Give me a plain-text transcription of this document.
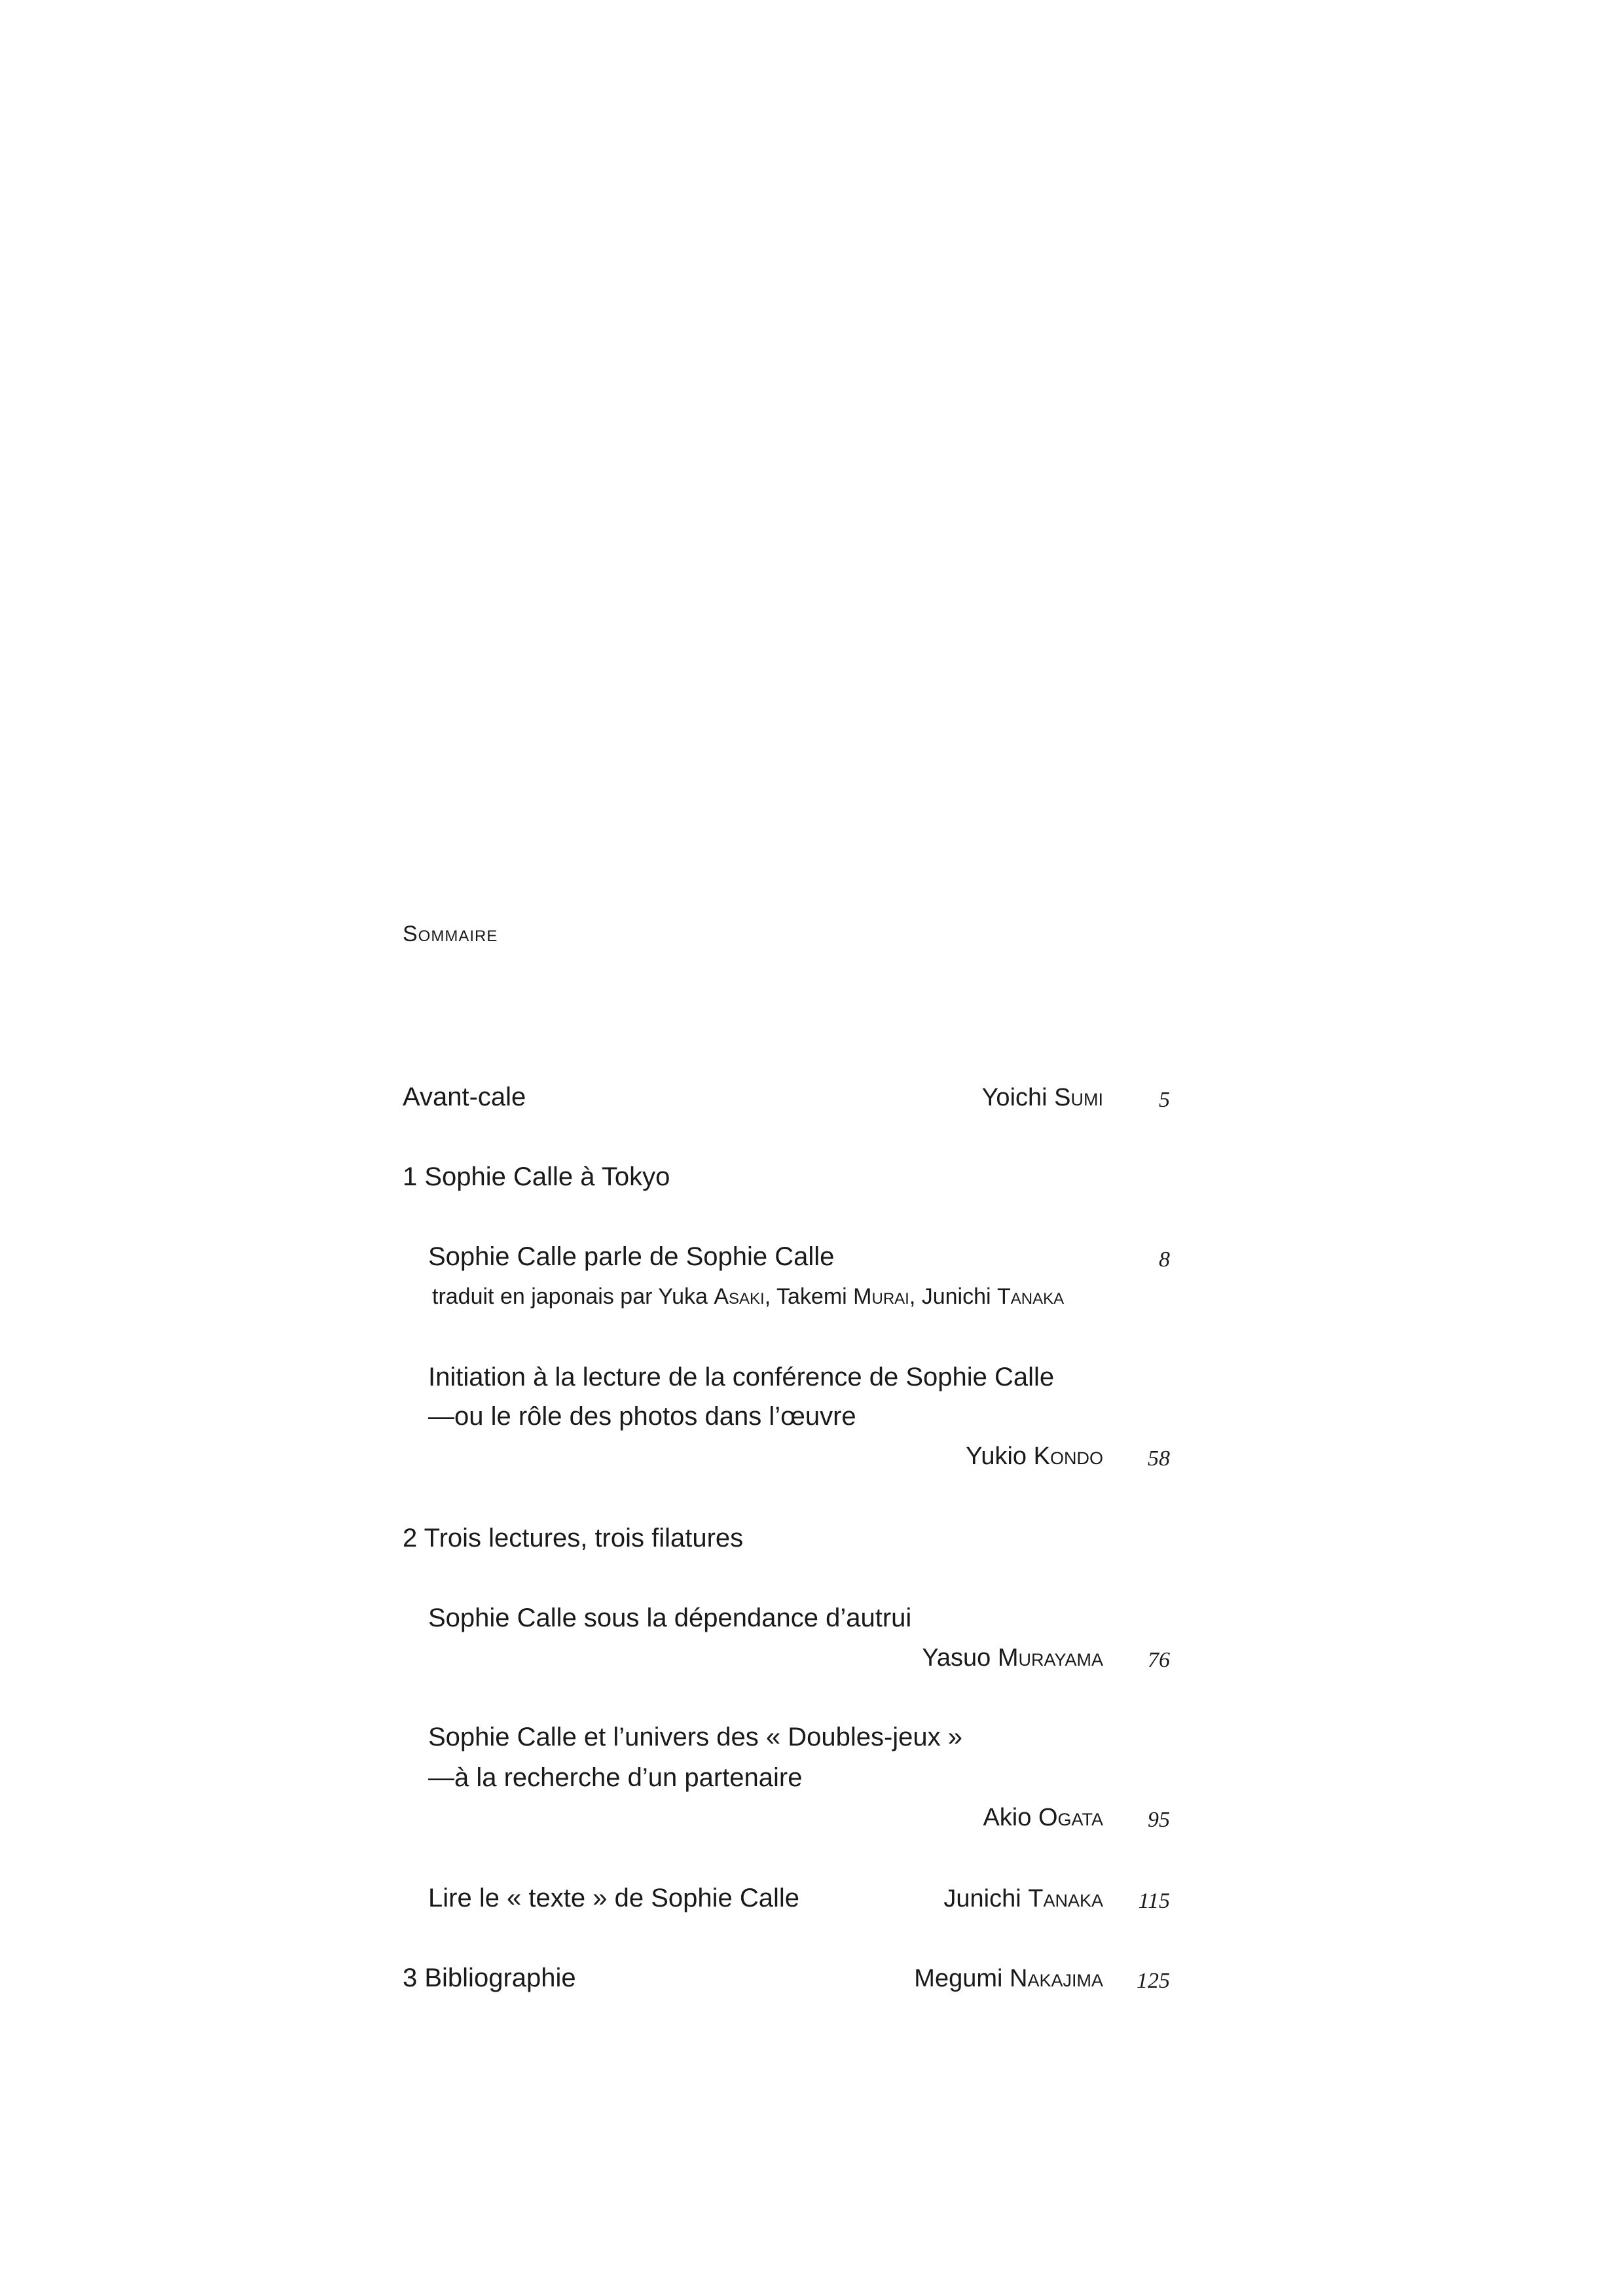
Sommaire
Avant-cale	Yoichi Sumi	5
1 Sophie Calle à Tokyo
Sophie Calle parle de Sophie Calle	8
traduit en japonais par Yuka Asaki, Takemi Murai, Junichi Tanaka
Initiation à la lecture de la conférence de Sophie Calle
—ou le rôle des photos dans l’œuvre
Yukio Kondo 58
2 Trois lectures, trois filatures
Sophie Calle sous la dépendance d’autrui
Yasuo Murayama 76
Sophie Calle et l’univers des « Doubles-jeux »
—à la recherche d’un partenaire
Akio Ogata 95
Lire le « texte » de Sophie Calle	Junichi Tanaka 115
3 Bibliographie	Megumi Nakajima 125
